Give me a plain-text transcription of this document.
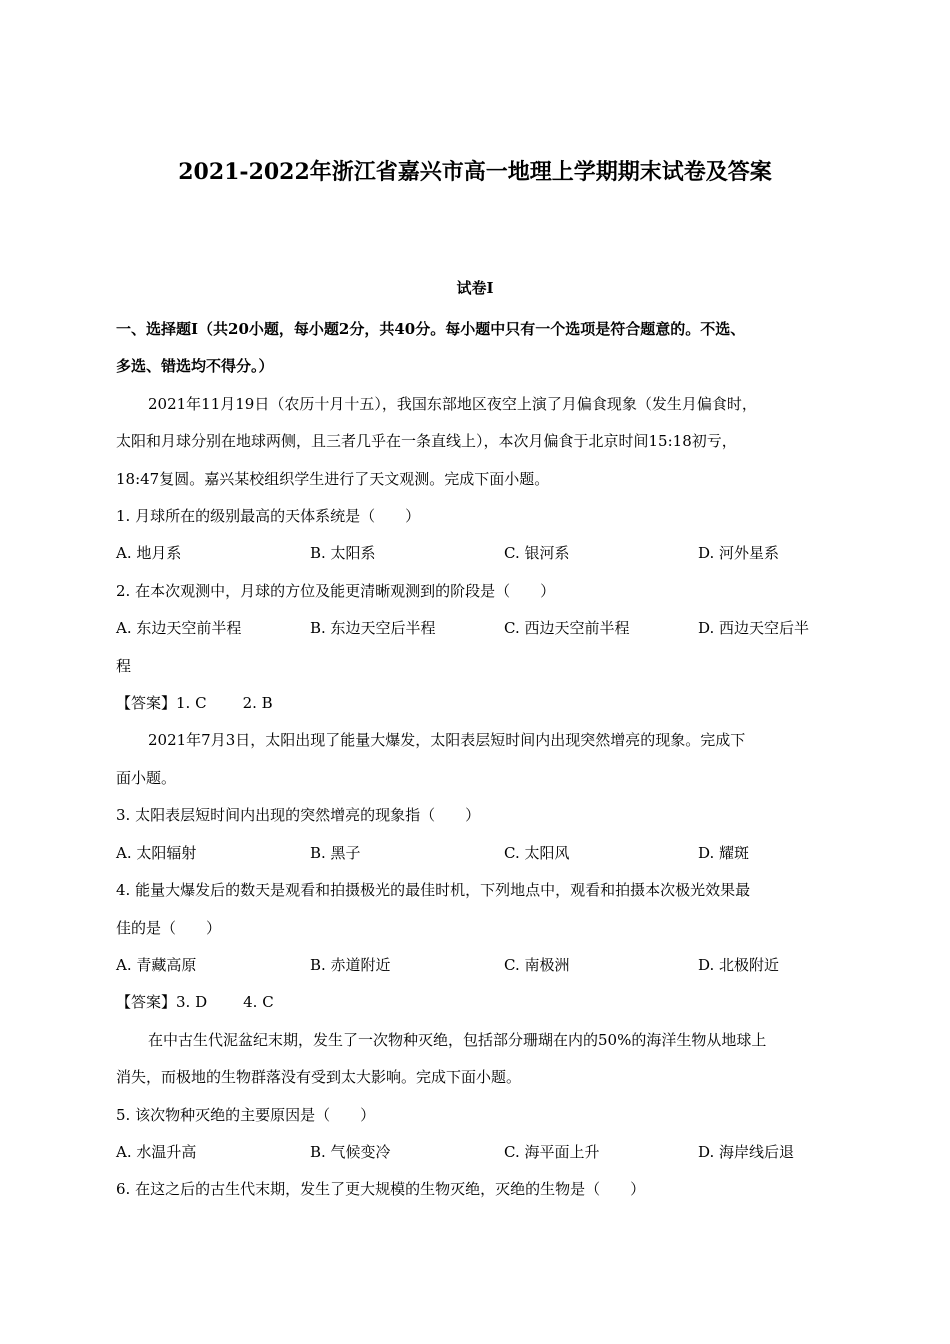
2021-2022年浙江省嘉兴市高一地理上学期期末试卷及答案
试卷Ⅰ

一、选择题Ⅰ（共20小题，每小题2分，共40分。每小题中只有一个选项是符合题意的。不选、

多选、错选均不得分。）

2021年11月19日（农历十月十五），我国东部地区夜空上演了月偏食现象（发生月偏食时，

太阳和月球分别在地球两侧，且三者几乎在一条直线上），本次月偏食于北京时间15:18初亏，

18:47复圆。嘉兴某校组织学生进行了天文观测。完成下面小题。

1. 月球所在的级别最高的天体系统是（　　）

A. 地月系	B. 太阳系	C. 银河系	D. 河外星系

2. 在本次观测中，月球的方位及能更清晰观测到的阶段是（　　）

A. 东边天空前半程	B. 东边天空后半程	C. 西边天空前半程	D. 西边天空后半

程

【答案】1. C 2. B

2021年7月3日，太阳出现了能量大爆发，太阳表层短时间内出现突然增亮的现象。完成下

面小题。

3. 太阳表层短时间内出现的突然增亮的现象指（　　）

A. 太阳辐射	B. 黑子	C. 太阳风	D. 耀斑

4. 能量大爆发后的数天是观看和拍摄极光的最佳时机，下列地点中，观看和拍摄本次极光效果最

佳的是（　　）

A. 青藏高原	B. 赤道附近	C. 南极洲	D. 北极附近

【答案】3. D 4. C

在中古生代泥盆纪末期，发生了一次物种灭绝，包括部分珊瑚在内的50%的海洋生物从地球上

消失，而极地的生物群落没有受到太大影响。完成下面小题。

5. 该次物种灭绝的主要原因是（　　）

A. 水温升高	B. 气候变冷	C. 海平面上升	D. 海岸线后退

6. 在这之后的古生代末期，发生了更大规模的生物灭绝，灭绝的生物是（　　）
